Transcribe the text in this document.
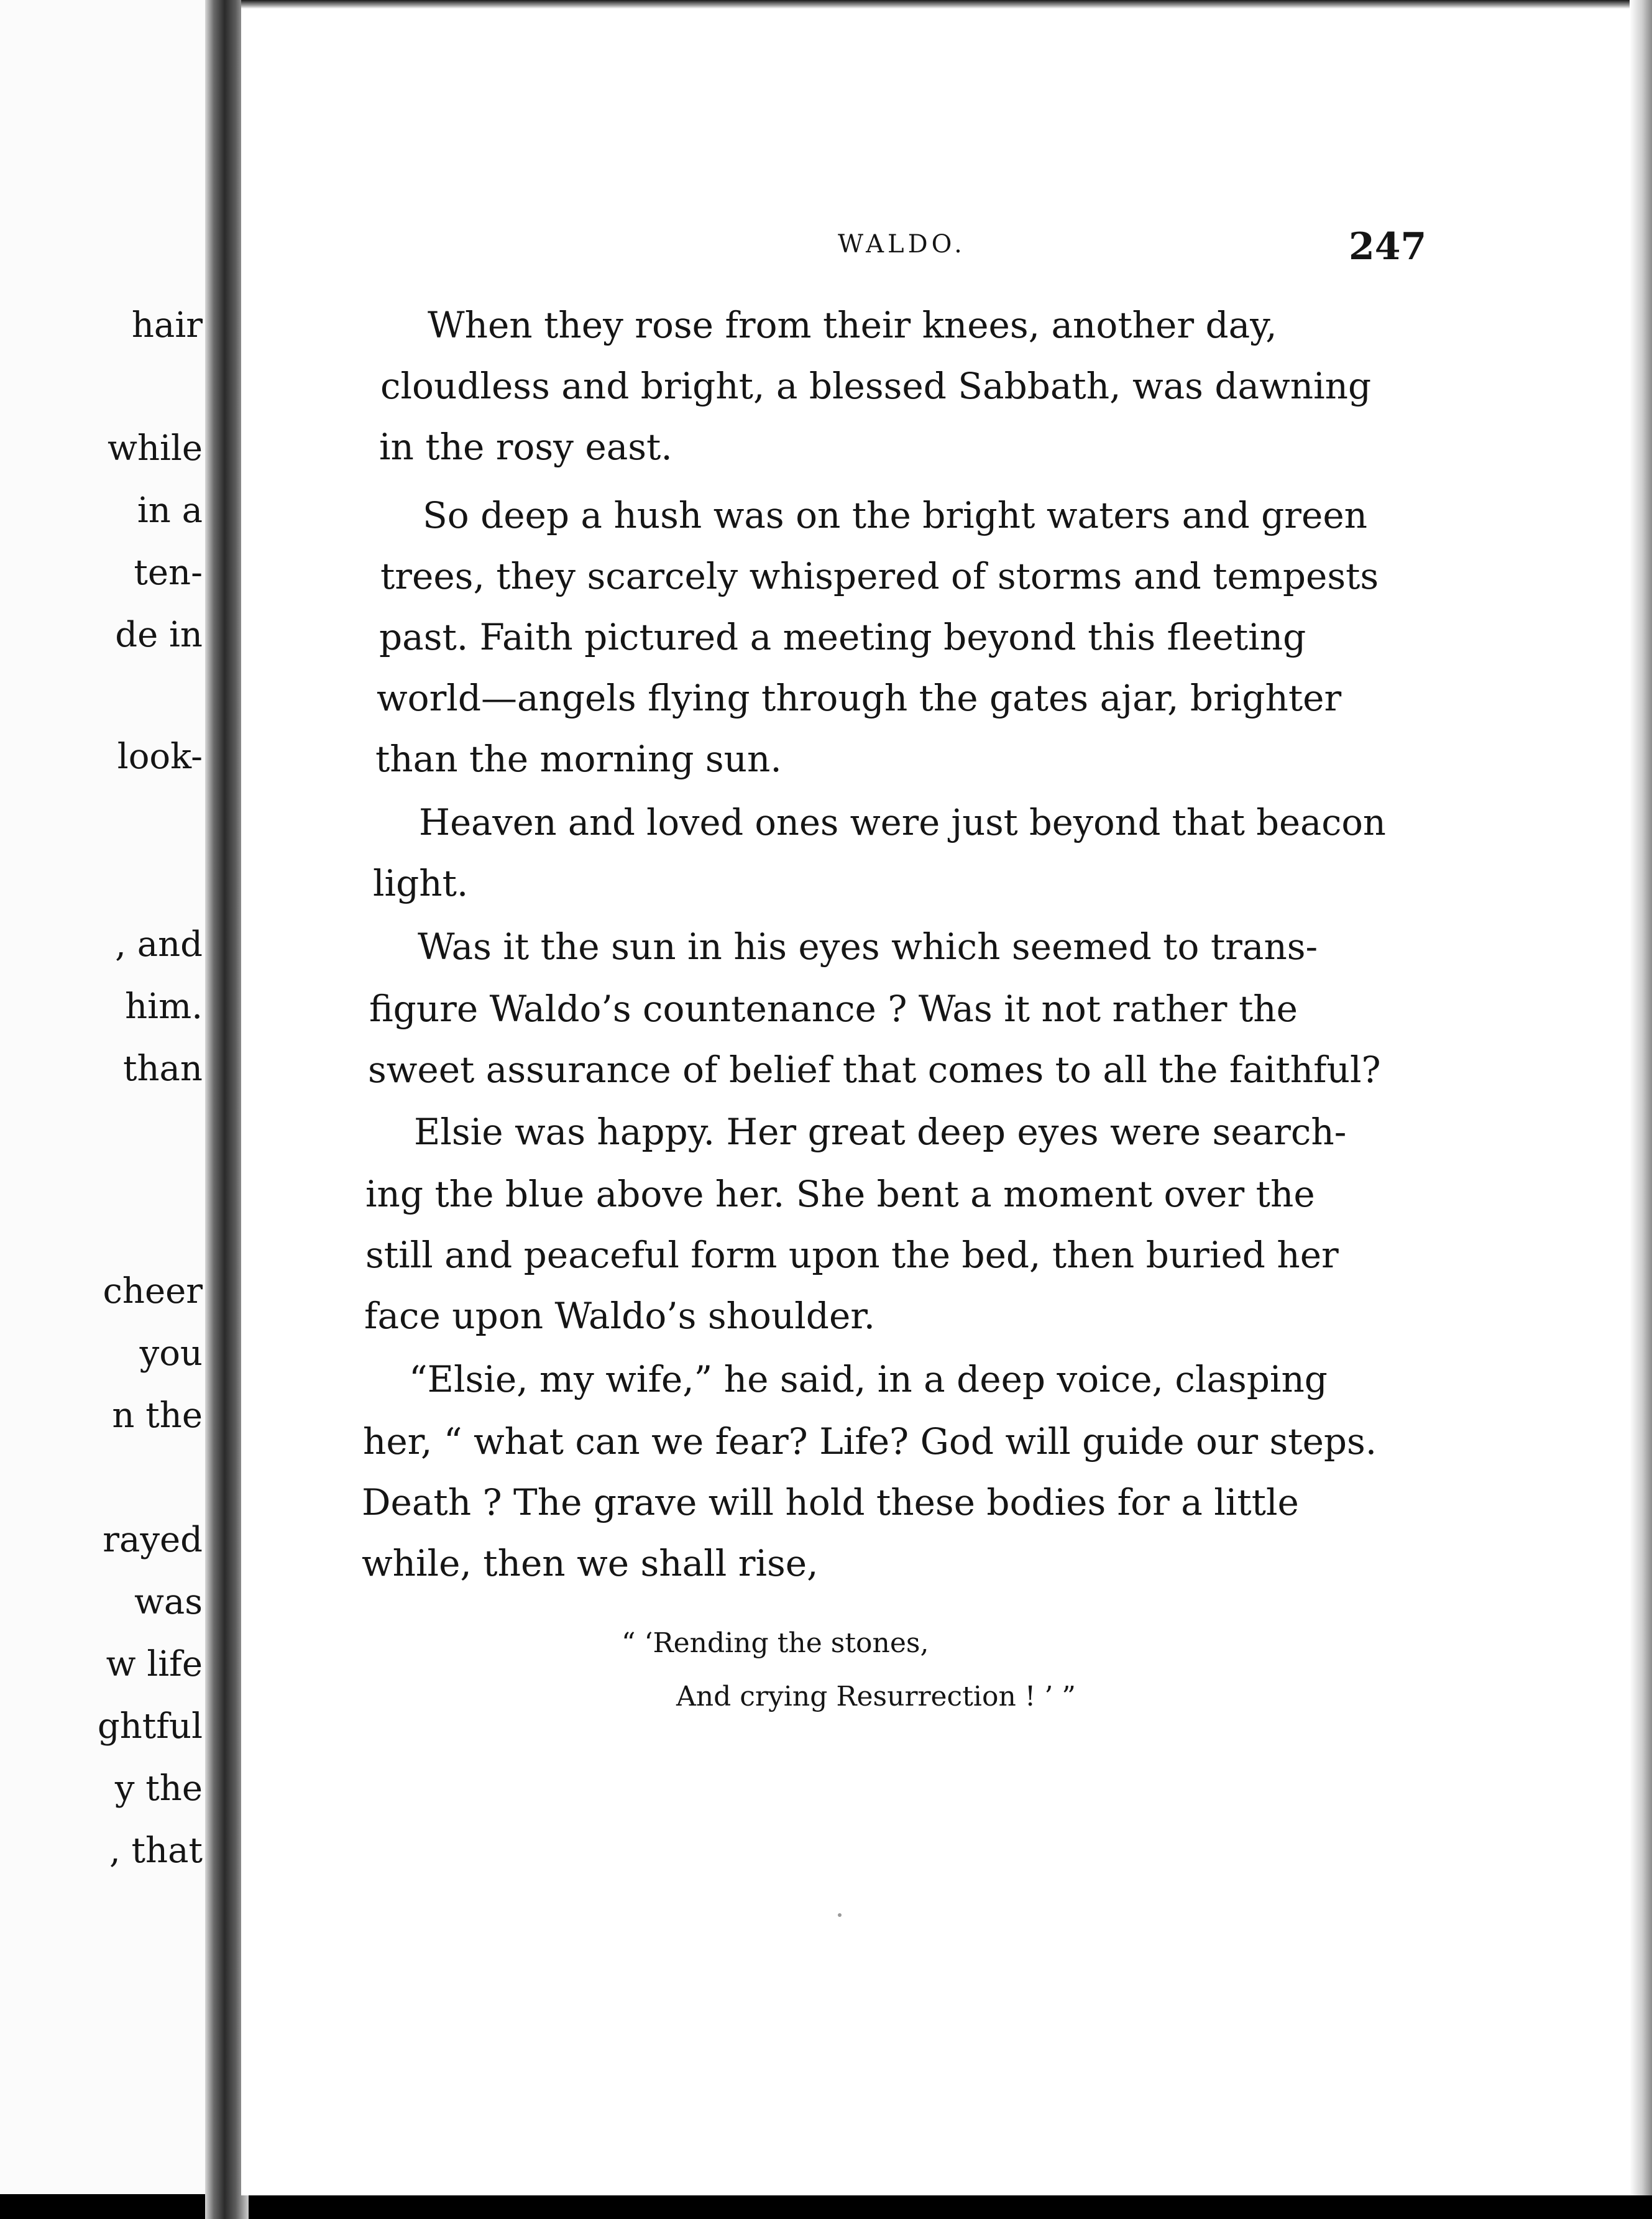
hair
while
in a
ten-
de in
look-
, and
him.
than
cheer
you
n the
rayed
was
w life
ghtful
y the
, that
WALDO.	247
When they rose from their knees, another day,
cloudless and bright, a blessed Sabbath, was dawning
in the rosy east.
So deep a hush was on the bright waters and green
trees, they scarcely whispered of storms and tempests
past. Faith pictured a meeting beyond this fleeting
world—angels flying through the gates ajar, brighter
than the morning sun.
Heaven and loved ones were just beyond that beacon
light.
Was it the sun in his eyes which seemed to trans-
figure Waldo’s countenance ? Was it not rather the
sweet assurance of belief that comes to all the faithful?
Elsie was happy. Her great deep eyes were search-
ing the blue above her. She bent a moment over the
still and peaceful form upon the bed, then buried her
face upon Waldo’s shoulder.
“Elsie, my wife,” he said, in a deep voice, clasping
her, “ what can we fear? Life? God will guide our steps.
Death ? The grave will hold these bodies for a little
while, then we shall rise,
“ ‘Rending the stones,
And crying Resurrection ! ’ ”
